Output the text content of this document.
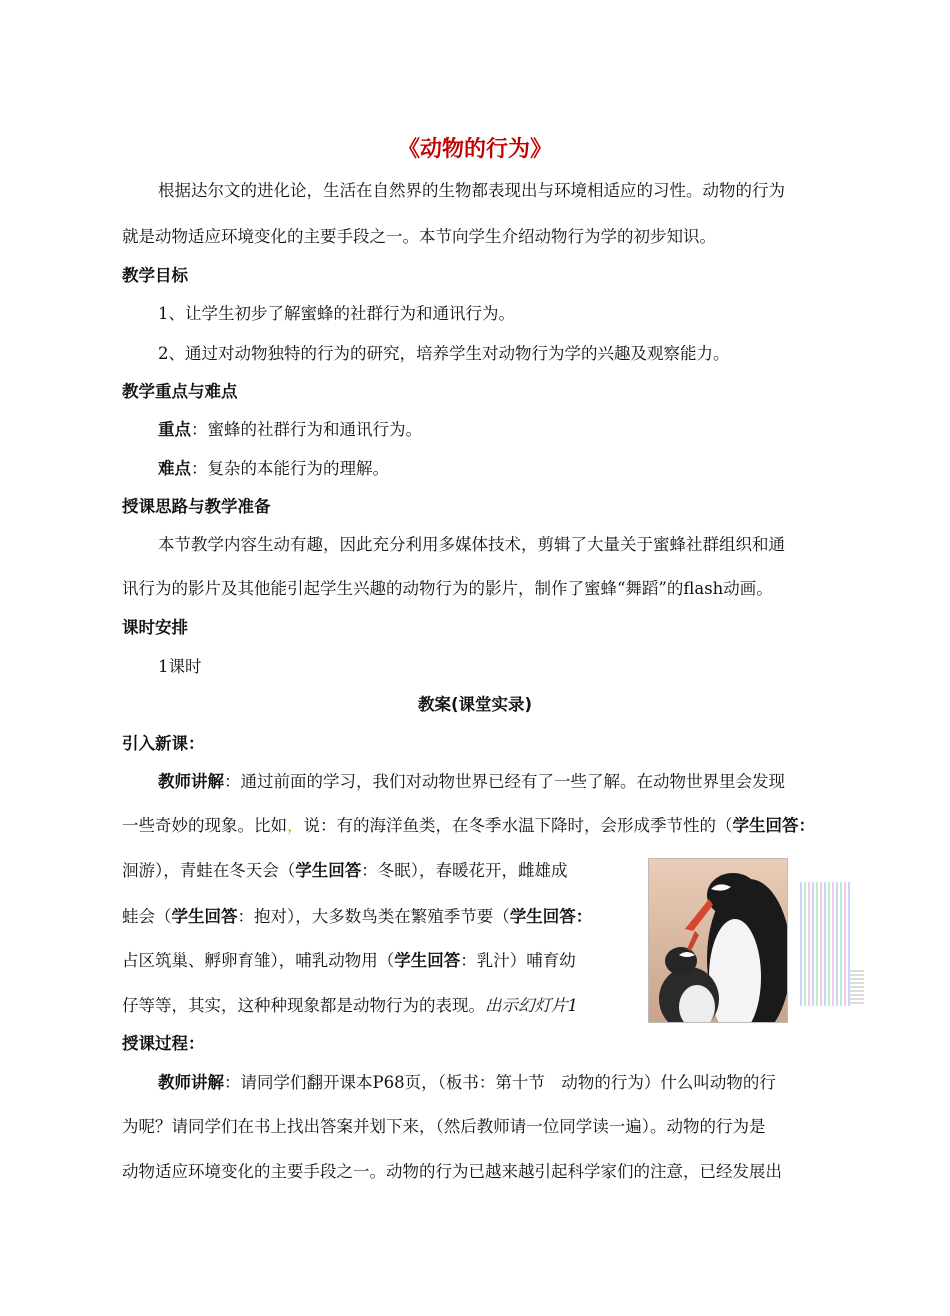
《动物的行为》
根据达尔文的进化论，生活在自然界的生物都表现出与环境相适应的习性。动物的行为
就是动物适应环境变化的主要手段之一。本节向学生介绍动物行为学的初步知识。
教学目标
1、让学生初步了解蜜蜂的社群行为和通讯行为。
2、通过对动物独特的行为的研究，培养学生对动物行为学的兴趣及观察能力。
教学重点与难点
重点：蜜蜂的社群行为和通讯行为。
难点：复杂的本能行为的理解。
授课思路与教学准备
本节教学内容生动有趣，因此充分利用多媒体技术，剪辑了大量关于蜜蜂社群组织和通
讯行为的影片及其他能引起学生兴趣的动物行为的影片，制作了蜜蜂“舞蹈”的flash动画。
课时安排
1课时
教案(课堂实录)
引入新课：
教师讲解：通过前面的学习，我们对动物世界已经有了一些了解。在动物世界里会发现
一些奇妙的现象。比如，说：有的海洋鱼类，在冬季水温下降时，会形成季节性的（学生回答：
洄游），青蛙在冬天会（学生回答：冬眠），春暖花开，雌雄成
蛙会（学生回答：抱对），大多数鸟类在繁殖季节要（学生回答：
占区筑巢、孵卵育雏），哺乳动物用（学生回答：乳汁）哺育幼
仔等等，其实，这种种现象都是动物行为的表现。出示幻灯片1
授课过程：
教师讲解：请同学们翻开课本P68页，（板书：第十节　动物的行为）什么叫动物的行
为呢？请同学们在书上找出答案并划下来，（然后教师请一位同学读一遍）。动物的行为是
动物适应环境变化的主要手段之一。动物的行为已越来越引起科学家们的注意，已经发展出
